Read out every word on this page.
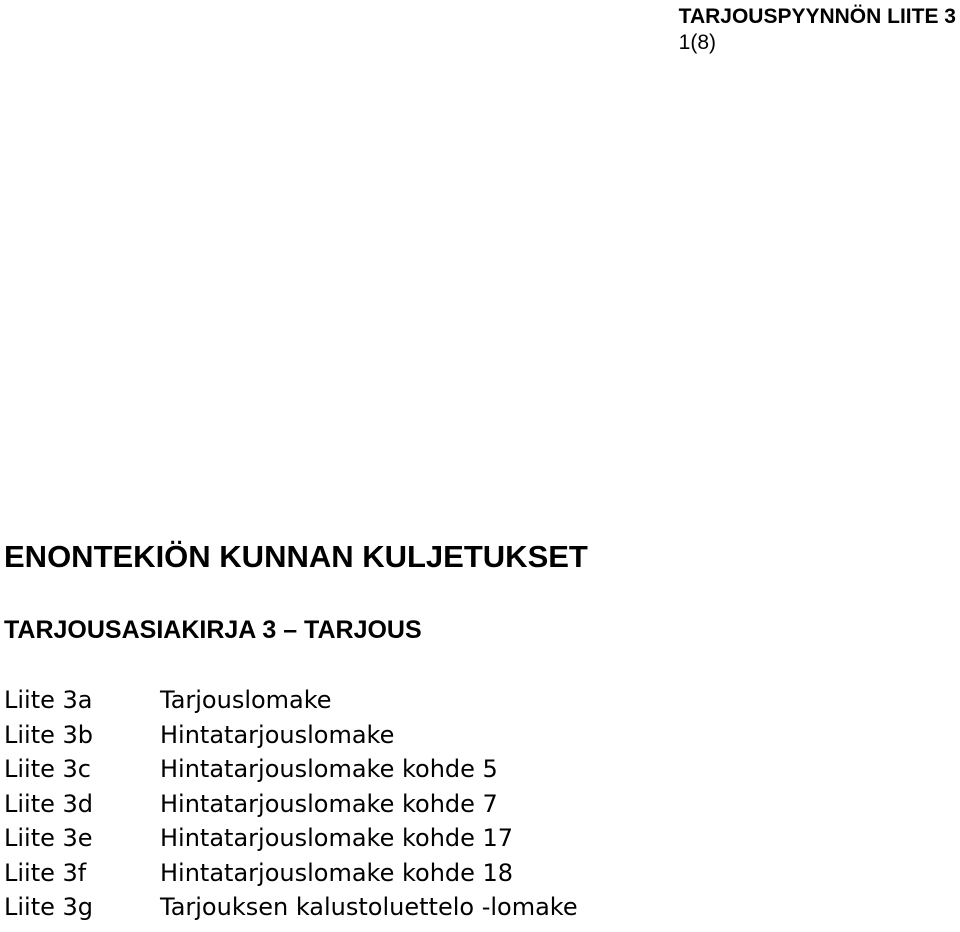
TARJOUSPYYNNÖN LIITE 3
1(8)
ENONTEKIÖN KUNNAN KULJETUKSET
TARJOUSASIAKIRJA 3 – TARJOUS
Liite 3a	Tarjouslomake
Liite 3b	Hintatarjouslomake
Liite 3c	Hintatarjouslomake kohde 5
Liite 3d	Hintatarjouslomake kohde 7
Liite 3e	Hintatarjouslomake kohde 17
Liite 3f	Hintatarjouslomake kohde 18
Liite 3g	Tarjouksen kalustoluettelo -lomake
